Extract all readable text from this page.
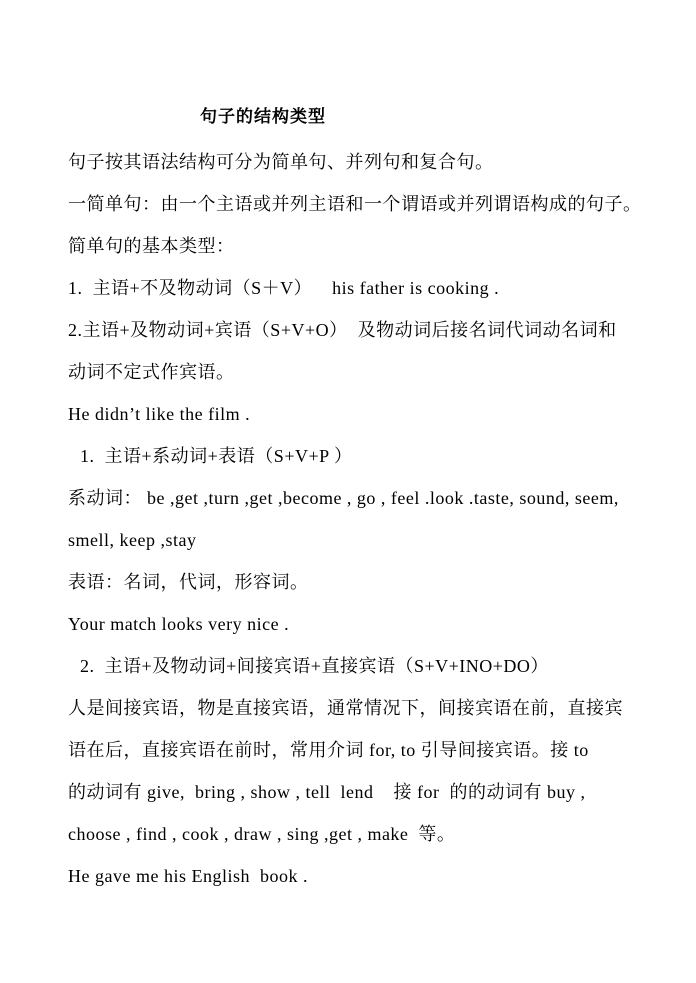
句子的结构类型
句子按其语法结构可分为简单句、并列句和复合句。
一简单句：由一个主语或并列主语和一个谓语或并列谓语构成的句子。
简单句的基本类型：
1.  主语+不及物动词（S＋V）    his father is cooking .
2.主语+及物动词+宾语（S+V+O）  及物动词后接名词代词动名词和
动词不定式作宾语。
He didn’t like the film .
1.  主语+系动词+表语（S+V+P ）
系动词： be ,get ,turn ,get ,become , go , feel .look .taste, sound, seem,
smell, keep ,stay
表语：名词，代词，形容词。
Your match looks very nice .
2.  主语+及物动词+间接宾语+直接宾语（S+V+INO+DO）
人是间接宾语，物是直接宾语，通常情况下，间接宾语在前，直接宾
语在后，直接宾语在前时，常用介词 for, to 引导间接宾语。接 to
的动词有 give,  bring , show , tell  lend    接 for  的的动词有 buy ,
choose , find , cook , draw , sing ,get , make  等。
He gave me his English  book .
